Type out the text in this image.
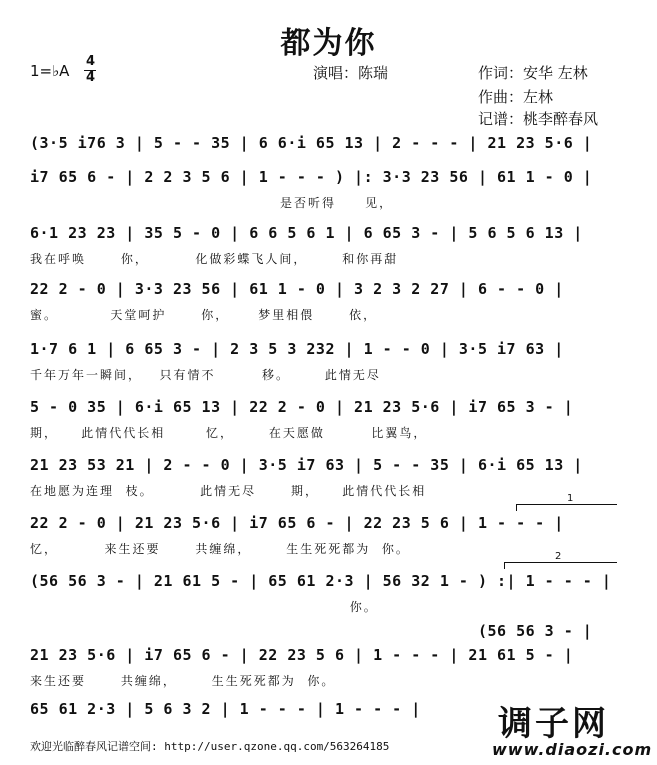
都为你
1=♭A
4
4	演唱：陈瑞	作词：安华 左林
作曲：左林
记谱：桃李醉春风
(3·5 i76 3 | 5 - - 35 | 6 6·i 65 13 | 2 - - - | 21 23 5·6 |
i7 65 6 - | 2 2 3 5 6 | 1 - - - ) |: 3·3 23 56 | 61 1 - 0 |
是否听得     见，
6·1 23 23 | 35 5 - 0 | 6 6 5 6 1 | 6 65 3 - | 5 6 5 6 13 |
我在呼唤      你，        化做彩蝶飞人间，      和你再甜
22 2 - 0 | 3·3 23 56 | 61 1 - 0 | 3 2 3 2 27 | 6 - - 0 |
蜜。         天堂呵护      你，     梦里相偎      依，
1·7 6 1 | 6 65 3 - | 2 3 5 3 232 | 1 - - 0 | 3·5 i7 63 |
千年万年一瞬间，   只有情不        移。      此情无尽
5 - 0 35 | 6·i 65 13 | 22 2 - 0 | 21 23 5·6 | i7 65 3 - |
期，    此情代代长相       忆，      在天愿做        比翼鸟，
21 23 53 21 | 2 - - 0 | 3·5 i7 63 | 5 - - 35 | 6·i 65 13 |
在地愿为连理  枝。        此情无尽      期，    此情代代长相
1
22 2 - 0 | 21 23 5·6 | i7 65 6 - | 22 23 5 6 | 1 - - - |
忆，        来生还要      共缠绵，      生生死死都为  你。
2
(56 56 3 - | 21 61 5 - | 65 61 2·3 | 56 32 1 - ) :| 1 - - - |
你。
(56 56 3 - |
21 23 5·6 | i7 65 6 - | 22 23 5 6 | 1 - - - | 21 61 5 - |
来生还要      共缠绵，      生生死死都为  你。
65 61 2·3 | 5 6 3 2 | 1 - - - | 1 - - - |
欢迎光临醉春风记谱空间: http://user.qzone.qq.com/563264185
调子网
www.diaozi.com
